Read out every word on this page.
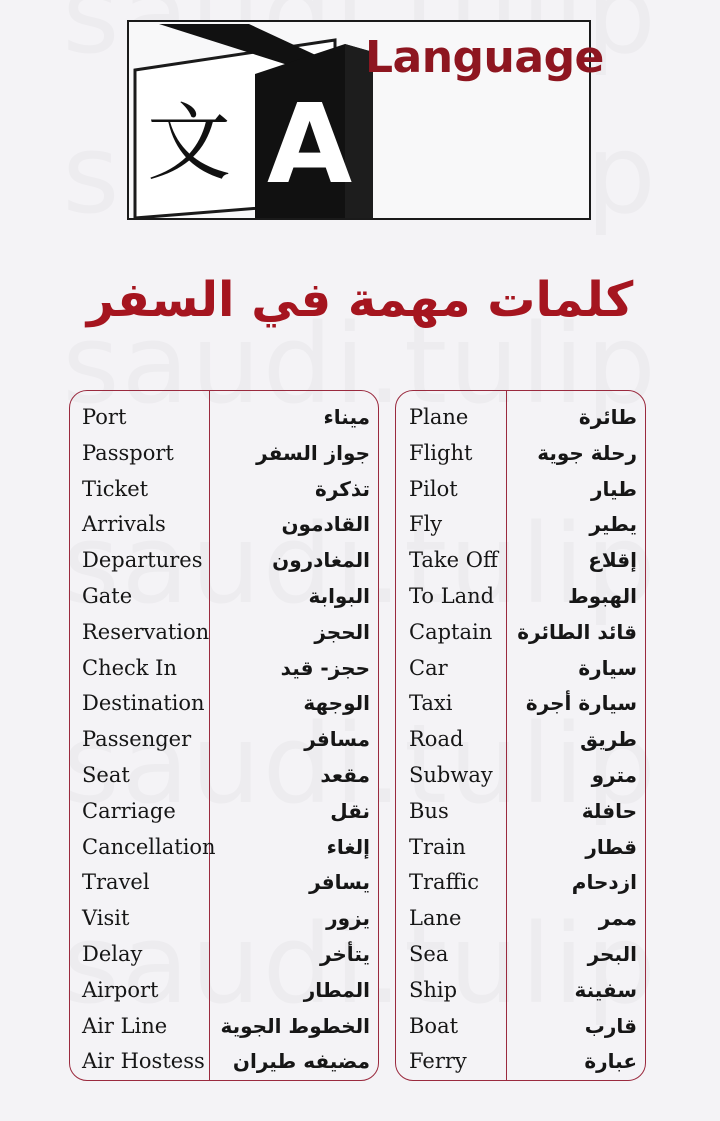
文 A
Language
كلمات مهمة في السفر
Port	ميناء
Passport	جواز السفر
Ticket	تذكرة
Arrivals	القادمون
Departures	المغادرون
Gate	البوابة
Reservation	الحجز
Check In	حجز- قيد
Destination	الوجهة
Passenger	مسافر
Seat	مقعد
Carriage	نقل
Cancellation	إلغاء
Travel	يسافر
Visit	يزور
Delay	يتأخر
Airport	المطار
Air Line	الخطوط الجوية
Air Hostess مضيفه طيران
Plane	طائرة
Flight	رحلة جوية
Pilot	طيار
Fly	يطير
Take Off	إقلاع
To Land	الهبوط
Captain قائد الطائرة
Car	سيارة
Taxi	سيارة أجرة
Road	طريق
Subway	مترو
Bus	حافلة
Train	قطار
Traffic	ازدحام
Lane	ممر
Sea	البحر
Ship	سفينة
Boat	قارب
Ferry	عبارة
